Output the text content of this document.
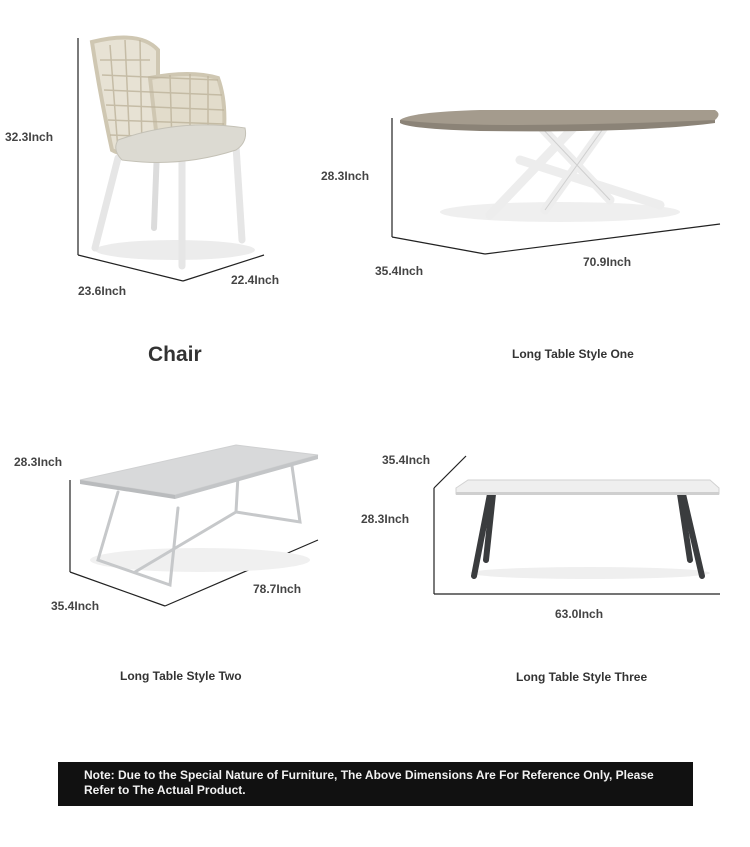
32.3Inch
23.6Inch
22.4Inch
Chair
28.3Inch
35.4Inch
70.9Inch
Long Table Style One
28.3Inch
35.4Inch
78.7Inch
Long Table Style Two
35.4Inch
28.3Inch
63.0Inch
Long Table Style Three
Note: Due to the Special Nature of Furniture, The Above Dimensions Are For Reference Only, Please Refer to The Actual Product.
